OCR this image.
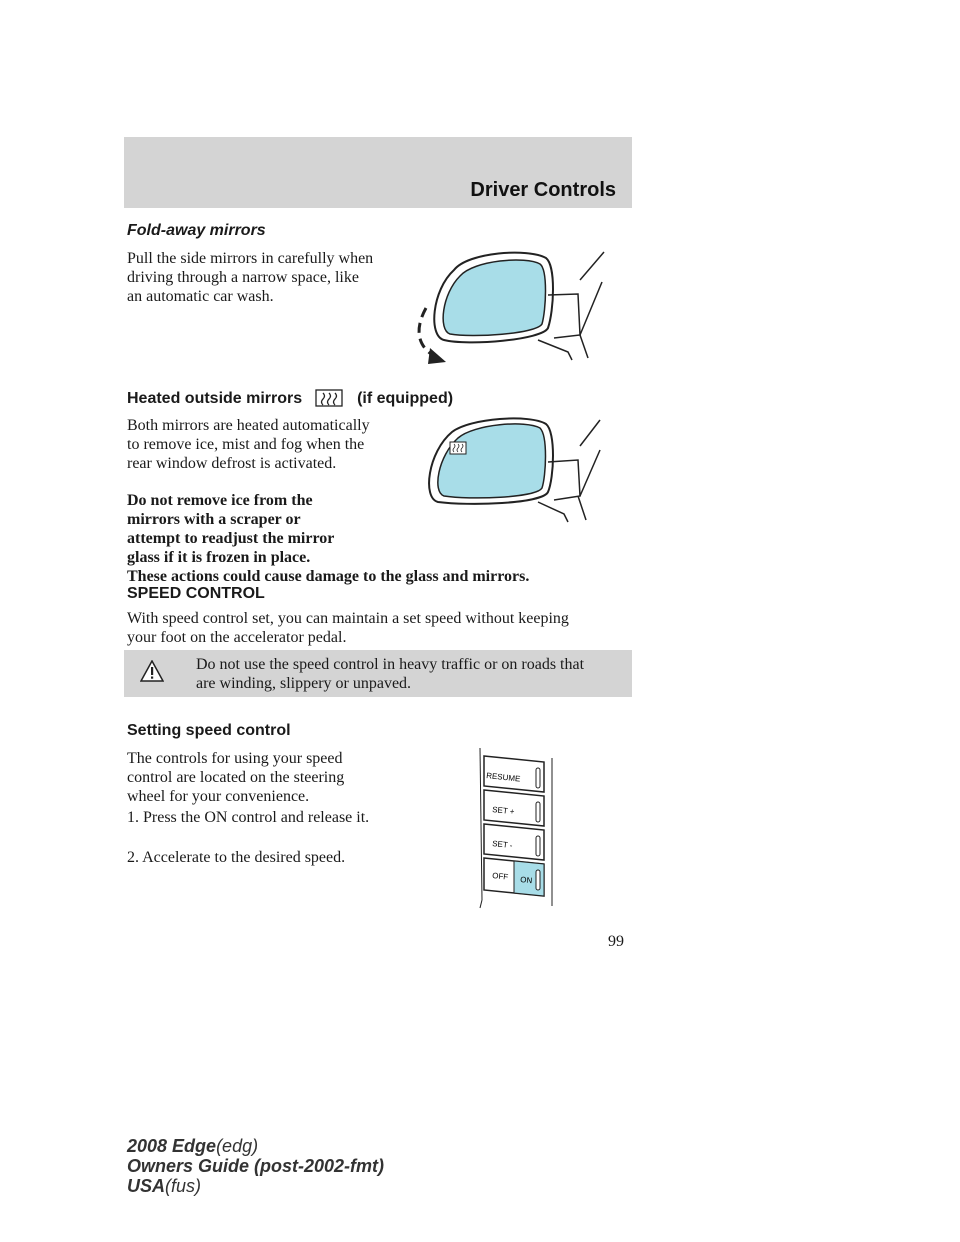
Driver Controls
Fold-away mirrors
Pull the side mirrors in carefully when driving through a narrow space, like an automatic car wash.
Heated outside mirrors	(if equipped)
Both mirrors are heated automatically to remove ice, mist and fog when the rear window defrost is activated.
Do not remove ice from the
mirrors with a scraper or
attempt to readjust the mirror
glass if it is frozen in place.
These actions could cause damage to the glass and mirrors.
SPEED CONTROL
With speed control set, you can maintain a set speed without keeping
your foot on the accelerator pedal.
Do not use the speed control in heavy traffic or on roads that
are winding, slippery or unpaved.
Setting speed control
The controls for using your speed control are located on the steering wheel for your convenience.
1. Press the ON control and release it.
2. Accelerate to the desired speed.
RESUME
SET +
SET -
OFF ON
99
2008 Edge(edg)
Owners Guide (post-2002-fmt)
USA(fus)
